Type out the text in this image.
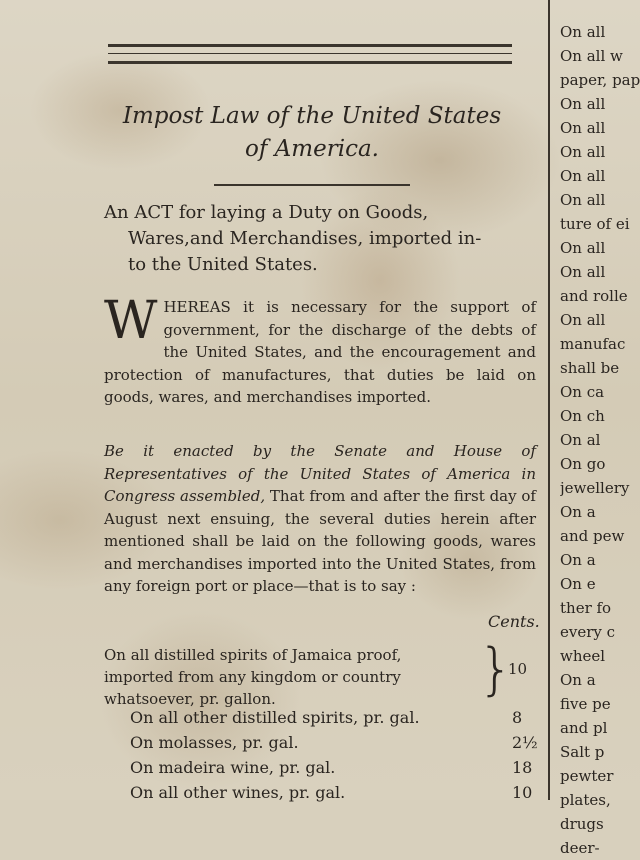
Impost Law of the United States
of America.
An ACT for laying a Duty on Goods,
Wares,and Merchandises, imported in-
to the United States.
W HEREAS it is necessary for the support of government, for the discharge of the debts of the United States, and the encouragement and protection of manufactures, that duties be laid on goods, wares, and merchandises imported.
Be it enacted by the Senate and House of Representatives of the United States of America in Congress assembled, That from and after the first day of August next ensuing, the several duties herein after mentioned shall be laid on the following goods, wares and merchandises imported into the United States, from any foreign port or place—that is to say :
Cents.
On all distilled spirits of Jamaica proof, imported from any kingdom or country whatsoever, pr. gallon.	}
10
On all other distilled spirits, pr. gal.	8
On molasses, pr. gal.	2½
On madeira wine, pr. gal.	18
On all other wines, pr. gal.	10
On all
On all w
paper, pap
On all
On all
On all
On all
On all
ture of ei
On all
On all
and rolle
On all
manufac
shall be
On ca
On ch
On al
On go
jewellery
On a
and pew
On a
On e
ther fo
every c
wheel
On a
five pe
and pl
Salt p
pewter
plates,
drugs
deer-
